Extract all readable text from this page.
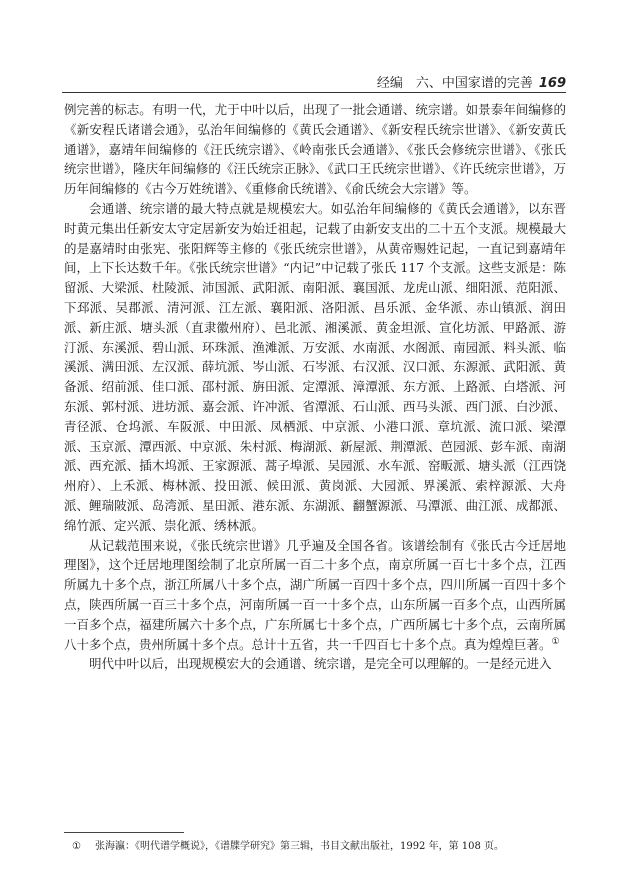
经编　六、中国家谱的完善 169

例完善的标志。有明一代，尤于中叶以后，出现了一批会通谱、统宗谱。如景泰年间编修的《新安程氏诸谱会通》，弘治年间编修的《黄氏会通谱》、《新安程氏统宗世谱》、《新安黄氏通谱》，嘉靖年间编修的《汪氏统宗谱》、《岭南张氏会通谱》、《张氏会修统宗世谱》、《张氏统宗世谱》，隆庆年间编修的《汪氏统宗正脉》、《武口王氏统宗世谱》、《许氏统宗世谱》，万历年间编修的《古今万姓统谱》、《重修俞氏统谱》、《俞氏统会大宗谱》等。

会通谱、统宗谱的最大特点就是规模宏大。如弘治年间编修的《黄氏会通谱》，以东晋时黄元集出任新安太守定居新安为始迁祖起，记载了由新安支出的二十五个支派。规模最大的是嘉靖时由张宪、张阳辉等主修的《张氏统宗世谱》，从黄帝赐姓记起，一直记到嘉靖年间，上下长达数千年。《张氏统宗世谱》“内记”中记载了张氏 117 个支派。这些支派是：陈留派、大梁派、杜陵派、沛国派、武阳派、南阳派、襄国派、龙虎山派、细阳派、范阳派、下邳派、吴郡派、清河派、江左派、襄阳派、洛阳派、昌乐派、金华派、赤山镇派、润田派、新庄派、塘头派（直隶徽州府）、邑北派、湘溪派、黄金坦派、宣化坊派、甲路派、游汀派、东溪派、碧山派、环珠派、渔滩派、万安派、水南派、水阁派、南园派、料头派、临溪派、满田派、左汉派、薛坑派、岑山派、石岑派、右汉派、汉口派、东源派、武阳派、黄备派、绍前派、佳口派、邵村派、旃田派、定潭派、漳潭派、东方派、上路派、白塔派、河东派、郭村派、进坊派、嘉会派、许冲派、省潭派、石山派、西马头派、西门派、白沙派、青径派、仓坞派、车阪派、中田派、凤栖派、中京派、小港口派、章坑派、流口派、梁潭派、玉京派、潭西派、中京派、朱村派、梅湖派、新屋派、荆潭派、芭园派、彭车派、南湖派、西充派、插木坞派、王家源派、蒿子埠派、吴园派、水车派、窑畈派、塘头派（江西饶州府）、上禾派、梅林派、投田派、候田派、黄岗派、大园派、界溪派、索梓源派、大舟派、鲤瑞陂派、岛湾派、星田派、港东派、东湖派、翻蟹源派、马潭派、曲江派、成都派、绵竹派、定兴派、崇化派、绣林派。

从记载范围来说，《张氏统宗世谱》几乎遍及全国各省。该谱绘制有《张氏古今迁居地理图》，这个迁居地理图绘制了北京所属一百二十多个点，南京所属一百七十多个点，江西所属九十多个点，浙江所属八十多个点，湖广所属一百四十多个点，四川所属一百四十多个点，陕西所属一百三十多个点，河南所属一百一十多个点，山东所属一百多个点，山西所属一百多个点，福建所属六十多个点，广东所属七十多个点，广西所属七十多个点，云南所属八十多个点，贵州所属十多个点。总计十五省，共一千四百七十多个点。真为煌煌巨著。①

明代中叶以后，出现规模宏大的会通谱、统宗谱，是完全可以理解的。一是经元进入

① 张海瀛：《明代谱学概说》，《谱牒学研究》第三辑，书目文献出版社，1992 年，第 108 页。
